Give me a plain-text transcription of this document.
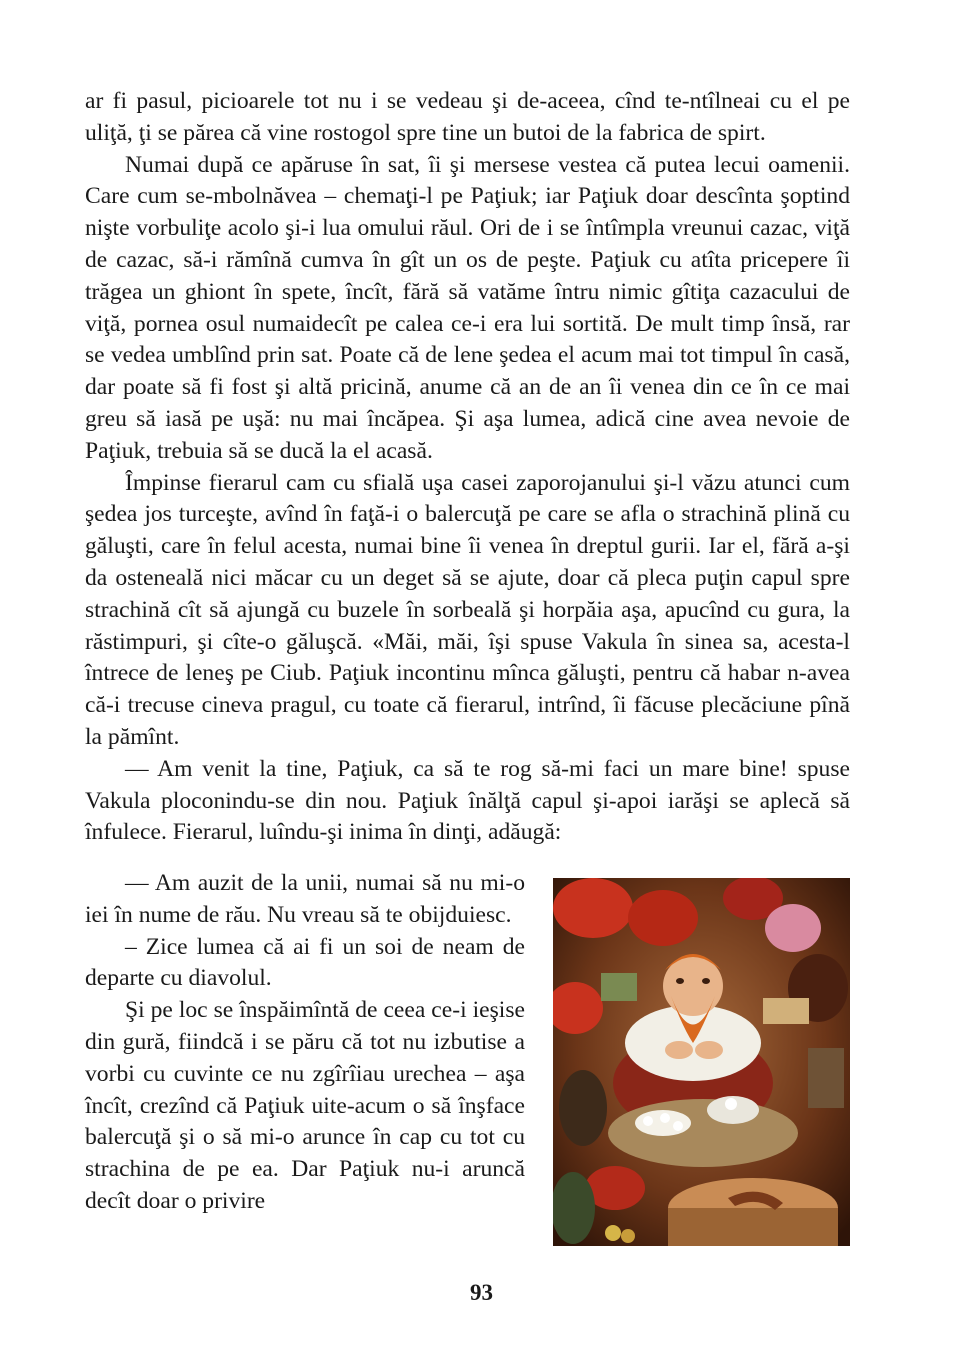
ar fi pasul, picioarele tot nu i se vedeau şi de-aceea, cînd te-ntîlneai cu el pe uliţă, ţi se părea că vine rostogol spre tine un butoi de la fabrica de spirt.

Numai după ce apăruse în sat, îi şi mersese vestea că putea lecui oamenii. Care cum se-mbolnăvea – chemaţi-l pe Paţiuk; iar Paţiuk doar descînta şoptind nişte vorbuliţe acolo şi-i lua omului răul. Ori de i se întîmpla vreunui cazac, viţă de cazac, să-i rămînă cumva în gît un os de peşte. Paţiuk cu atîta pricepere îi trăgea un ghiont în spete, încît, fără să vatăme întru nimic gîtiţa cazacului de viţă, pornea osul numaidecît pe calea ce-i era lui sortită. De mult timp însă, rar se vedea umblînd prin sat. Poate că de lene şedea el acum mai tot timpul în casă, dar poate să fi fost şi altă pricină, anume că an de an îi venea din ce în ce mai greu să iasă pe uşă: nu mai încăpea. Şi aşa lumea, adică cine avea nevoie de Paţiuk, trebuia să se ducă la el acasă.

Împinse fierarul cam cu sfială uşa casei zaporojanului şi-l văzu atunci cum şedea jos turceşte, avînd în faţă-i o balercuţă pe care se afla o strachină plină cu găluşti, care în felul acesta, numai bine îi venea în dreptul gurii. Iar el, fără a-şi da osteneală nici măcar cu un deget să se ajute, doar că pleca puţin capul spre strachină cît să ajungă cu buzele în sorbeală şi horpăia aşa, apucînd cu gura, la răstimpuri, şi cîte-o găluşcă. «Măi, măi, îşi spuse Vakula în sinea sa, acesta-l întrece de leneş pe Ciub. Paţiuk incontinu mînca găluşti, pentru că habar n-avea că-i trecuse cineva pragul, cu toate că fierarul, intrînd, îi făcuse plecăciune pînă la pămînt.

— Am venit la tine, Paţiuk, ca să te rog să-mi faci un mare bine! spuse Vakula ploconindu-se din nou. Paţiuk înălţă capul şi-apoi iarăşi se aplecă să înfulece. Fierarul, luîndu-şi inima în dinţi, adăugă:

— Am auzit de la unii, numai să nu mi-o iei în nume de rău. Nu vreau să te obijduiesc.

– Zice lumea că ai fi un soi de neam de departe cu diavolul.

Şi pe loc se înspăimîntă de ceea ce-i ieşise din gură, fiindcă i se păru că tot nu izbutise a vorbi cu cuvinte ce nu zgîrîiau urechea – aşa încît, crezînd că Paţiuk uite-acum o să înşface balercuţă şi o să mi-o arunce în cap cu tot cu strachina de pe ea. Dar Paţiuk nu-i aruncă decît doar o privire

93
